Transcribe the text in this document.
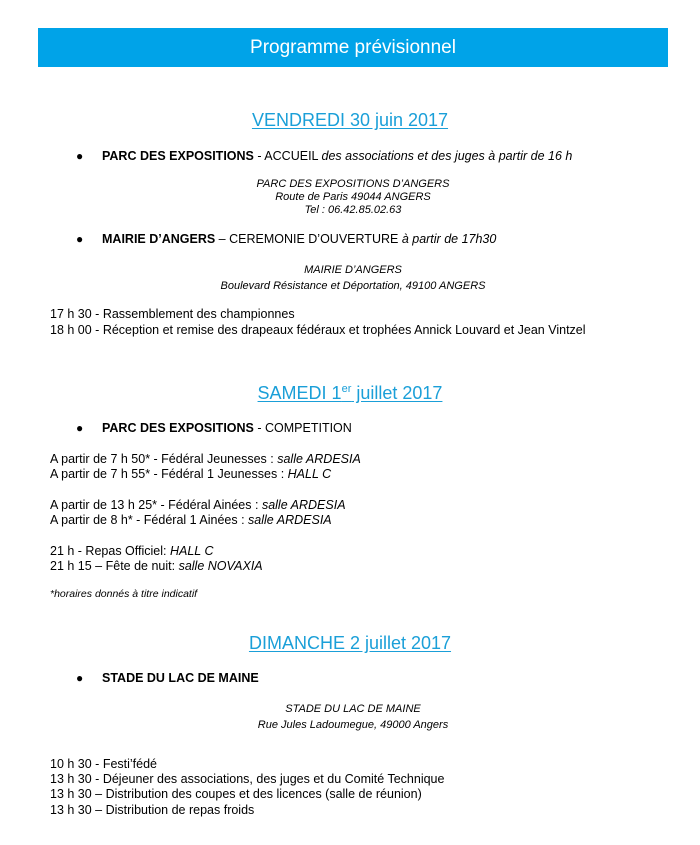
Programme prévisionnel
VENDREDI 30 juin 2017
● PARC DES EXPOSITIONS - ACCUEIL des associations et des juges à partir de 16 h
PARC DES EXPOSITIONS D’ANGERS
Route de Paris 49044 ANGERS
Tel : 06.42.85.02.63
● MAIRIE D’ANGERS – CEREMONIE D’OUVERTURE à partir de 17h30
MAIRIE D’ANGERS
Boulevard Résistance et Déportation, 49100 ANGERS
17 h 30 - Rassemblement des championnes
18 h 00 - Réception et remise des drapeaux fédéraux et trophées Annick Louvard et Jean Vintzel
SAMEDI 1er juillet 2017
● PARC DES EXPOSITIONS - COMPETITION
A partir de 7 h 50* - Fédéral Jeunesses : salle ARDESIA
A partir de 7 h 55* - Fédéral 1 Jeunesses : HALL C
A partir de 13 h 25* - Fédéral Ainées : salle ARDESIA
A partir de 8 h* - Fédéral 1 Ainées : salle ARDESIA
21 h - Repas Officiel: HALL C
21 h 15 – Fête de nuit: salle NOVAXIA
*horaires donnés à titre indicatif
DIMANCHE 2 juillet 2017
● STADE DU LAC DE MAINE
STADE DU LAC DE MAINE
Rue Jules Ladoumegue, 49000 Angers
10 h 30 - Festi’fédé
13 h 30 - Déjeuner des associations, des juges et du Comité Technique
13 h 30 – Distribution des coupes et des licences (salle de réunion)
13 h 30 – Distribution de repas froids
